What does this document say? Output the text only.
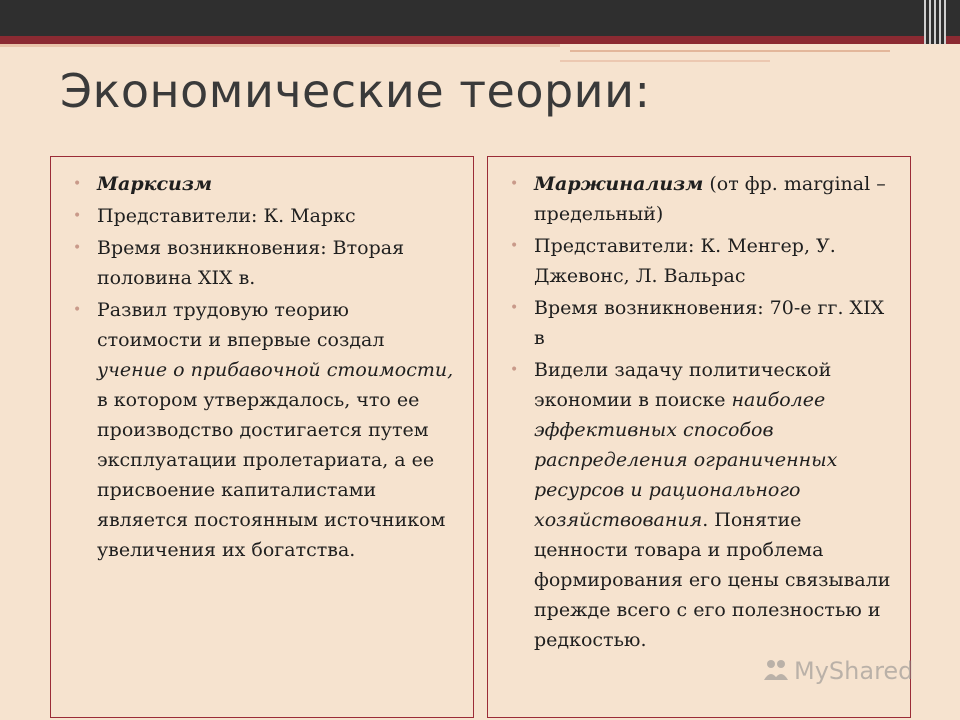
Экономические теории:
• Марксизм
• Представители: К. Маркс
• Время возникновения: Вторая половина XIX в.
• Развил трудовую теорию стоимости и впервые создал учение о прибавочной стоимости, в котором утверждалось, что ее производство достигается путем эксплуатации пролетариата, а ее присвоение капиталистами является постоянным источником увеличения их богатства.
• Маржинализм (от фр. marginal – предельный)
• Представители: К. Менгер, У. Джевонс, Л. Вальрас
• Время возникновения: 70-е гг. XIX в
• Видели задачу политической экономии в поиске наиболее эффективных способов распределения ограниченных ресурсов и рационального хозяйствования. Понятие ценности товара и проблема формирования его цены связывали прежде всего с его полезностью и редкостью.
MyShared
